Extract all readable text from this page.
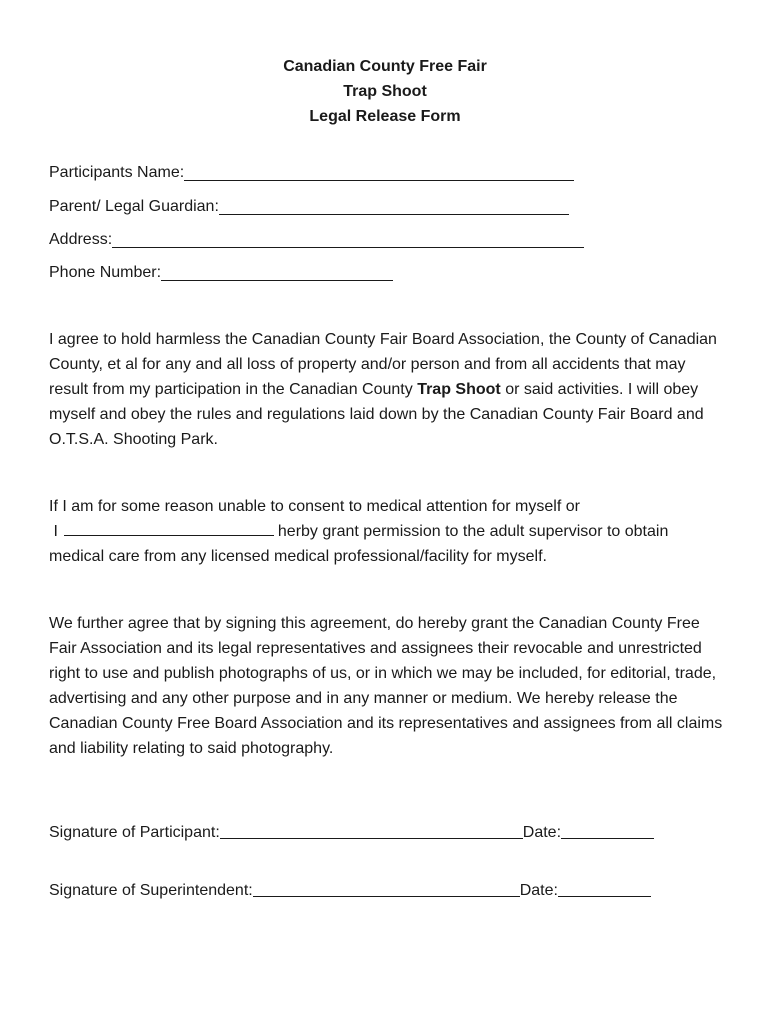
Canadian County Free Fair
Trap Shoot
Legal Release Form
Participants Name:
Parent/ Legal Guardian:
Address:
Phone Number:
I agree to hold harmless the Canadian County Fair Board Association, the County of Canadian County, et al for any and all loss of property and/or person and from all accidents that may result from my participation in the Canadian County Trap Shoot or said activities. I will obey myself and obey the rules and regulations laid down by the Canadian County Fair Board and O.T.S.A. Shooting Park.
If I am for some reason unable to consent to medical attention for myself or
I	herby grant permission to the adult supervisor to obtain medical care from any licensed medical professional/facility for myself.
We further agree that by signing this agreement, do hereby grant the Canadian County Free Fair Association and its legal representatives and assignees their revocable and unrestricted right to use and publish photographs of us, or in which we may be included, for editorial, trade, advertising and any other purpose and in any manner or medium. We hereby release the Canadian County Free Board Association and its representatives and assignees from all claims and liability relating to said photography.
Signature of Participant:	Date:
Signature of Superintendent:	Date:
